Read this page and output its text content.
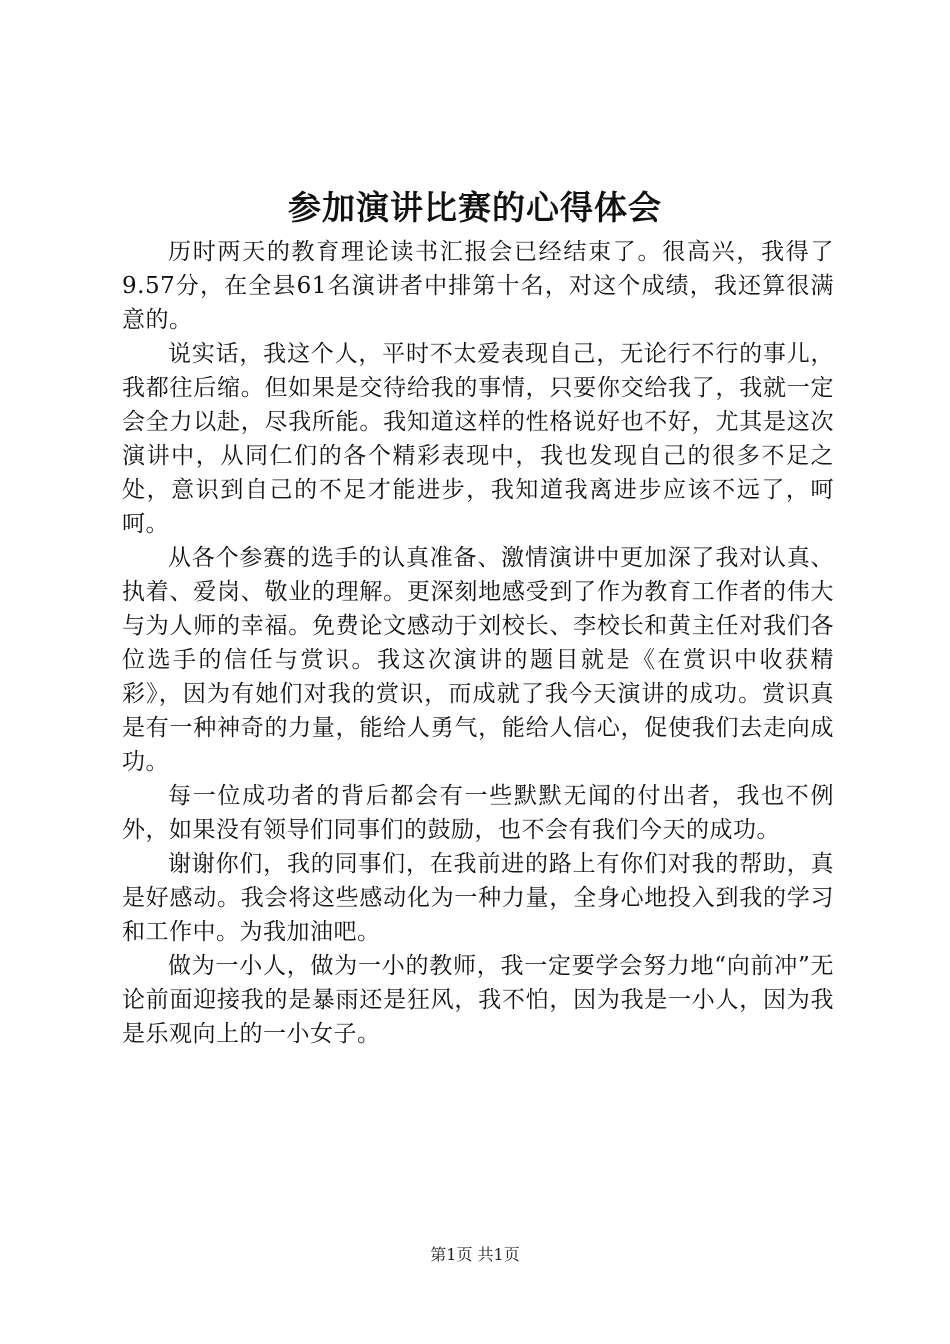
参加演讲比赛的心得体会

历时两天的教育理论读书汇报会已经结束了。很高兴，我得了9.57分，在全县61名演讲者中排第十名，对这个成绩，我还算很满意的。

说实话，我这个人，平时不太爱表现自己，无论行不行的事儿，我都往后缩。但如果是交待给我的事情，只要你交给我了，我就一定会全力以赴，尽我所能。我知道这样的性格说好也不好，尤其是这次演讲中，从同仁们的各个精彩表现中，我也发现自己的很多不足之处，意识到自己的不足才能进步，我知道我离进步应该不远了，呵呵。

从各个参赛的选手的认真准备、激情演讲中更加深了我对认真、执着、爱岗、敬业的理解。更深刻地感受到了作为教育工作者的伟大与为人师的幸福。免费论文感动于刘校长、李校长和黄主任对我们各位选手的信任与赏识。我这次演讲的题目就是《在赏识中收获精彩》，因为有她们对我的赏识，而成就了我今天演讲的成功。赏识真是有一种神奇的力量，能给人勇气，能给人信心，促使我们去走向成功。

每一位成功者的背后都会有一些默默无闻的付出者，我也不例外，如果没有领导们同事们的鼓励，也不会有我们今天的成功。

谢谢你们，我的同事们，在我前进的路上有你们对我的帮助，真是好感动。我会将这些感动化为一种力量，全身心地投入到我的学习和工作中。为我加油吧。

做为一小人，做为一小的教师，我一定要学会努力地“向前冲”无论前面迎接我的是暴雨还是狂风，我不怕，因为我是一小人，因为我是乐观向上的一小女子。

第1页 共1页
